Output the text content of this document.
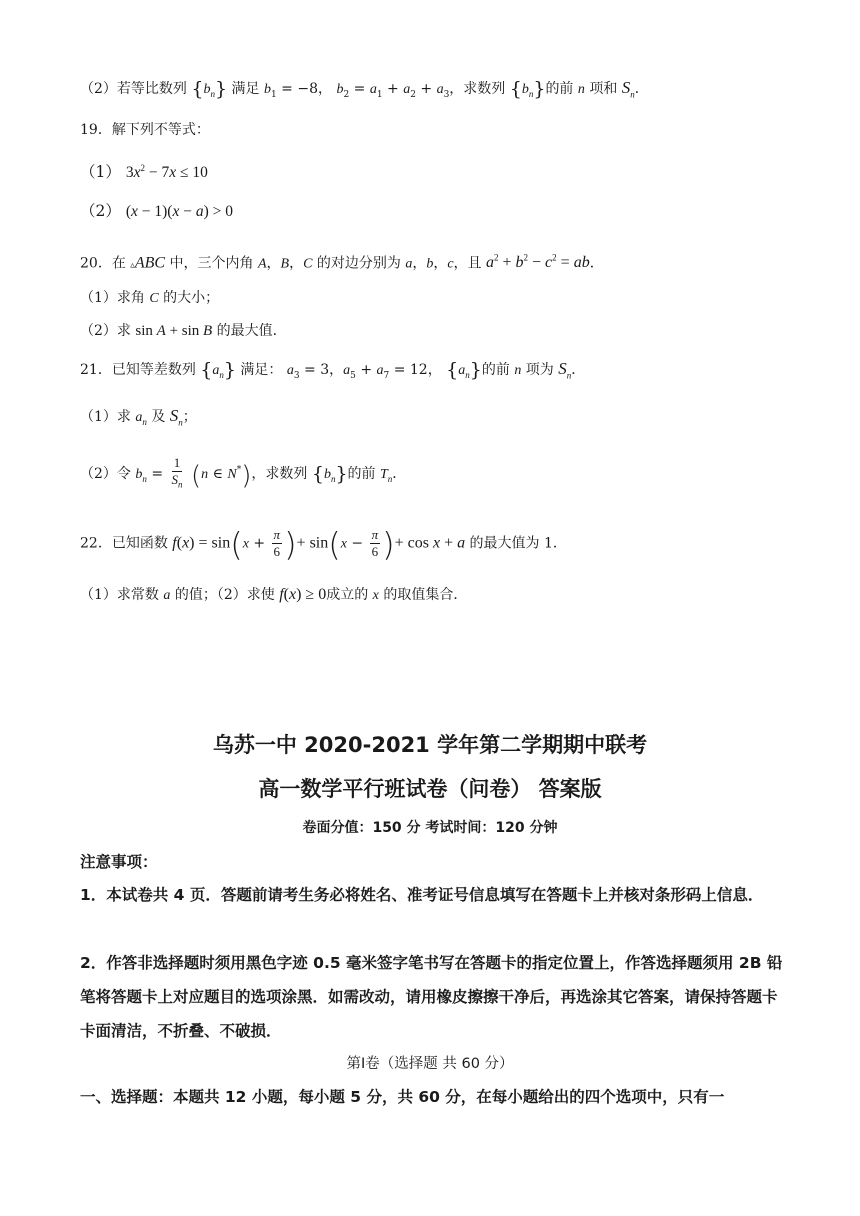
（2）若等比数列 $\{b_n\}$ 满足 $b_1 = -8$， $b_2 = a_1 + a_2 + a_3$，求数列 $\{b_n\}$的前 n 项和 $S_n$．
19．解下列不等式：
（1） $3x^2 - 7x \le 10$
（2） (x − 1)(x − a) > 0
20．在 ▵ABC 中，三个内角 A，B，C 的对边分别为 a，b，c，且 $a^2 + b^2 - c^2$ = ab．
（1）求角 C 的大小；
（2）求 sin A + sin B 的最大值．
21．已知等差数列 $\{a_n\}$ 满足： $a_3 = 3$，$a_5 + a_7 = 12$， $\{a_n\}$的前 n 项为 $S_n$．
（1）求 $a_n$ 及 $S_n$；
（2）令 $b_n = \frac{1}{S_n} (n$ ∈ N*)，求数列 $\{b_n\}$的前 $T_n$．
22．已知函数 $f(x) = \sin(x + \frac{\pi}{6}$ )+ $\sin(x - \frac{\pi}{6}$ )+ cos x + a 的最大值为 1．
（1）求常数 a 的值；（2）求使 f(x) ≥ 0成立的 x 的取值集合．
乌苏一中 2020-2021 学年第二学期期中联考
高一数学平行班试卷（问卷） 答案版
卷面分值：150 分 考试时间：120 分钟
注意事项：
1．本试卷共 4 页．答题前请考生务必将姓名、准考证号信息填写在答题卡上并核对条形码上信息．
2．作答非选择题时须用黑色字迹 0.5 毫米签字笔书写在答题卡的指定位置上，作答选择题须用 2B 铅笔将答题卡上对应题目的选项涂黑．如需改动，请用橡皮擦擦干净后，再选涂其它答案，请保持答题卡卡面清洁，不折叠、不破损．
第Ⅰ卷（选择题 共 60 分）
一、选择题：本题共 12 小题，每小题 5 分，共 60 分，在每小题给出的四个选项中，只有一
